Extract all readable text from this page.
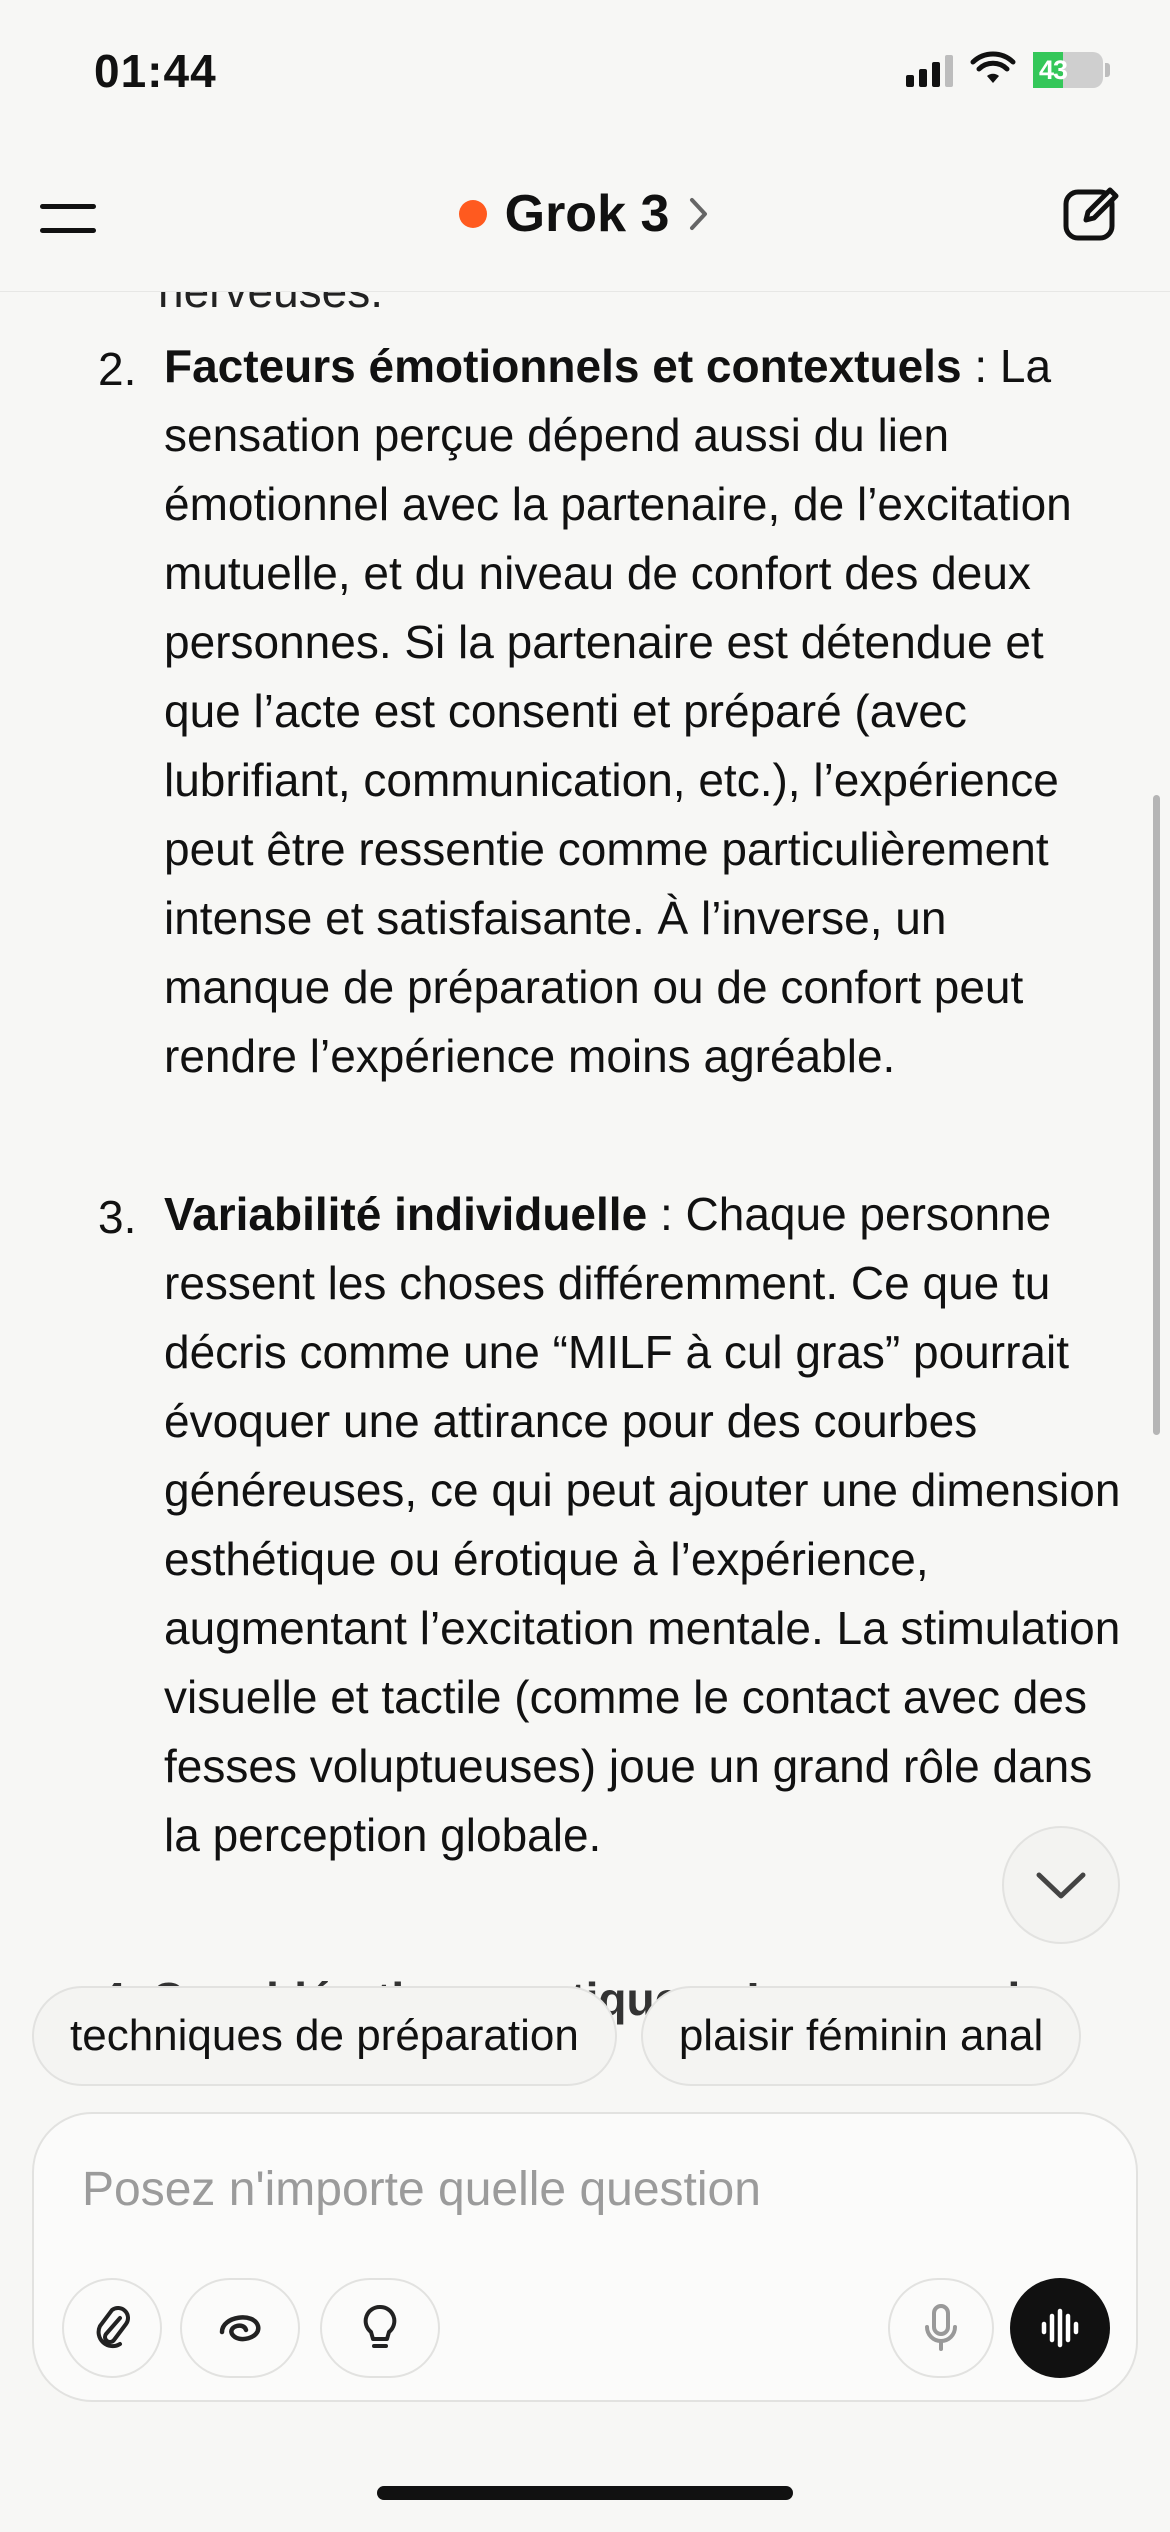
01:44	43
Grok 3
2. Facteurs émotionnels et contextuels : La sensation perçue dépend aussi du lien émotionnel avec la partenaire, de l’excitation mutuelle, et du niveau de confort des deux personnes. Si la partenaire est détendue et que l’acte est consenti et préparé (avec lubrifiant, communication, etc.), l’expérience peut être ressentie comme particulièrement intense et satisfaisante. À l’inverse, un manque de préparation ou de confort peut rendre l’expérience moins agréable.
3. Variabilité individuelle : Chaque personne ressent les choses différemment. Ce que tu décris comme une “MILF à cul gras” pourrait évoquer une attirance pour des courbes généreuses, ce qui peut ajouter une dimension esthétique ou érotique à l’expérience, augmentant l’excitation mentale. La stimulation visuelle et tactile (comme le contact avec des fesses voluptueuses) joue un grand rôle dans la perception globale.
pratiques
techniques de préparation	plaisir féminin anal
Posez n'importe quelle question
